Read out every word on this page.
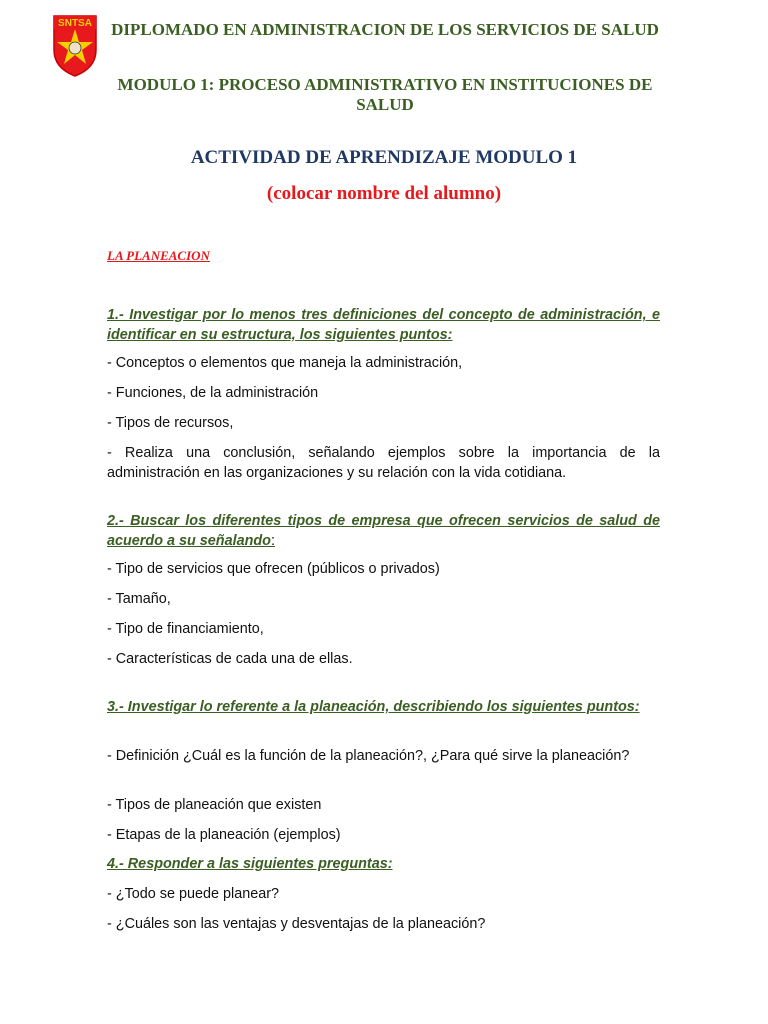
SNTSA	DIPLOMADO EN ADMINISTRACION DE LOS SERVICIOS DE SALUD
MODULO 1: PROCESO ADMINISTRATIVO EN INSTITUCIONES DE SALUD
ACTIVIDAD DE APRENDIZAJE MODULO 1

(colocar nombre del alumno)

LA PLANEACION

1.- Investigar por lo menos tres definiciones del concepto de administración, e identificar en su estructura, los siguientes puntos:

- Conceptos o elementos que maneja la administración,

- Funciones, de la administración

- Tipos de recursos,

- Realiza una conclusión, señalando ejemplos sobre la importancia de la administración en las organizaciones y su relación con la vida cotidiana.

2.- Buscar los diferentes tipos de empresa que ofrecen servicios de salud de acuerdo a su señalando:

- Tipo de servicios que ofrecen (públicos o privados)

- Tamaño,

- Tipo de financiamiento,

- Características de cada una de ellas.

3.- Investigar lo referente a la planeación, describiendo los siguientes puntos:

- Definición ¿Cuál es la función de la planeación?, ¿Para qué sirve la planeación?

- Tipos de planeación que existen

- Etapas de la planeación (ejemplos)

4.- Responder a las siguientes preguntas:

- ¿Todo se puede planear?

- ¿Cuáles son las ventajas y desventajas de la planeación?
